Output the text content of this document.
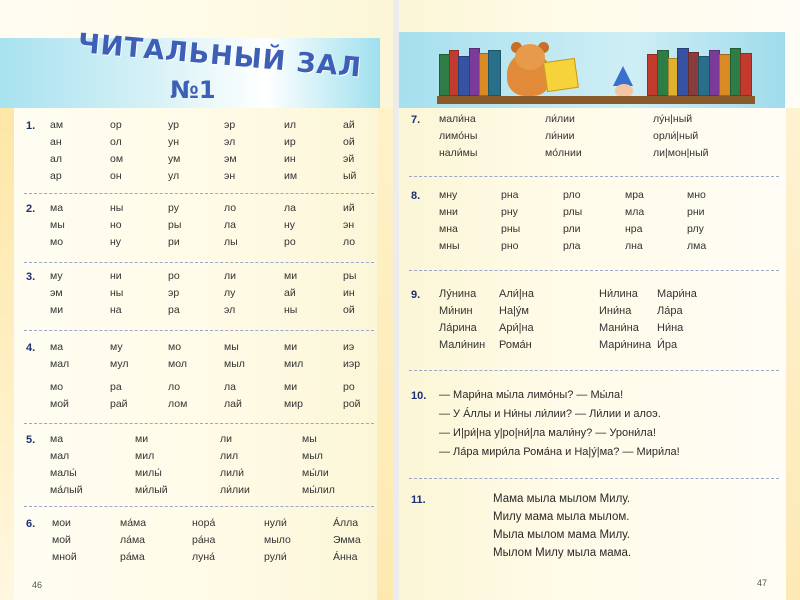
ЧИТАЛЬНЫЙ ЗАЛ
№1
1. ам
ан
ал
ар
ор
ол
ом
он
ур
ун
ум
ул
эр
эл
эм
эн
ил
ир
ин
им
ай
ой
эй
ый
2. ма
мы
мо
ны
но
ну
ру
ры
ри
ло
ла
лы
ла
ну
ро
ий
эн
ло
3. му
эм
ми
ни
ны
на
ро
эр
ра
ли
лу
эл
ми
ай
ны
ры
ин
ой
4. ма
мал
му
мул
мо
мол
мы
мыл
ми
мил
иэ
иэр
мо
мой
ра
рай
ло
лом
ла
лай
ми
мир
ро
рой
5. ма
мал
малы́
ма́лый
ми
мил
милы́
ми́лый
ли
лил
лили́
ли́лии
мы
мыл
мы́ли
мы́лил
6. мои
мой
мной
ма́ма
ла́ма
ра́ма
нора́
ра́на
луна́
нули́
мыло
рули́
А́лла
Эмма
А́нна
46
7. мали́на
лимо́ны
нали́мы
ли́лии
ли́нии
мо́лнии
лу́н|ный
орли́|ный
ли|мон|ный
8. мну
мни
мна
мны
рна
рну
рны
рно
рло
рлы
рли
рла
мра
мла
нра
лна
мно
рни
рлу
лма
9. Лу́нина
Ми́нин
Ла́рина
Мали́нин
Али́|на
На|у́м
Ари́|на
Рома́н
Ни́лина
Ини́на
Мани́на
Мари́нина
Мари́на
Ла́ра
Ни́на
И́ра
10. — Мари́на мы́ла лимо́ны? — Мы́ла!
— У А́ллы и Ни́ны ли́лии? — Ли́лии и алоэ.
— И|ри́|на у|ро|ни́|ла мали́ну? — Урони́ла!
— Ла́ра мири́ла Рома́на и На|у́|ма? — Мири́ла!
11.	Мама мыла мылом Милу.
Милу мама мыла мылом.
Мыла мылом мама Милу.
Мылом Милу мыла мама.
47
